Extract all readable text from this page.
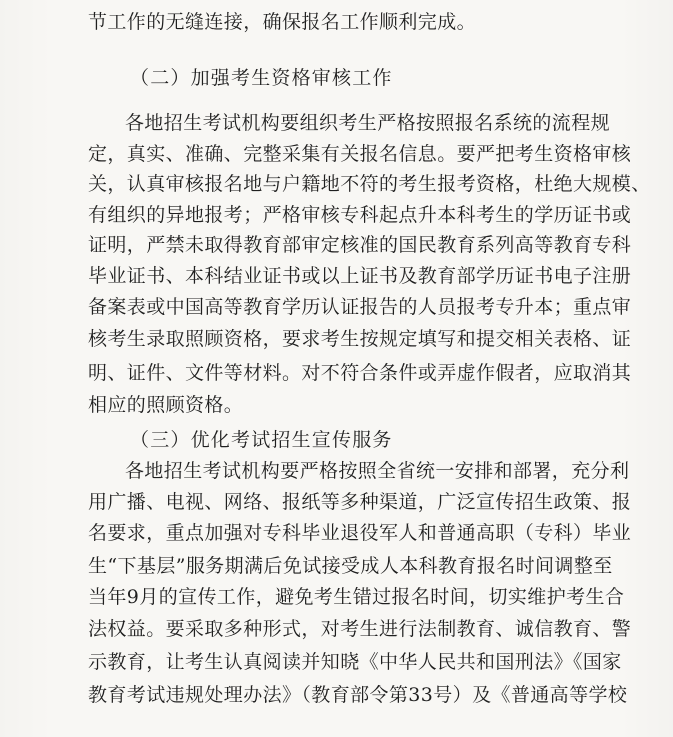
节工作的无缝连接，确保报名工作顺利完成。
（二）加强考生资格审核工作
各地招生考试机构要组织考生严格按照报名系统的流程规
定，真实、准确、完整采集有关报名信息。要严把考生资格审核
关，认真审核报名地与户籍地不符的考生报考资格，杜绝大规模、
有组织的异地报考；严格审核专科起点升本科考生的学历证书或
证明，严禁未取得教育部审定核准的国民教育系列高等教育专科
毕业证书、本科结业证书或以上证书及教育部学历证书电子注册
备案表或中国高等教育学历认证报告的人员报考专升本；重点审
核考生录取照顾资格，要求考生按规定填写和提交相关表格、证
明、证件、文件等材料。对不符合条件或弄虚作假者，应取消其
相应的照顾资格。
（三）优化考试招生宣传服务
各地招生考试机构要严格按照全省统一安排和部署，充分利
用广播、电视、网络、报纸等多种渠道，广泛宣传招生政策、报
名要求，重点加强对专科毕业退役军人和普通高职（专科）毕业
生“下基层”服务期满后免试接受成人本科教育报名时间调整至
当年9月的宣传工作，避免考生错过报名时间，切实维护考生合
法权益。要采取多种形式，对考生进行法制教育、诚信教育、警
示教育，让考生认真阅读并知晓《中华人民共和国刑法》《国家
教育考试违规处理办法》（教育部令第33号）及《普通高等学校
